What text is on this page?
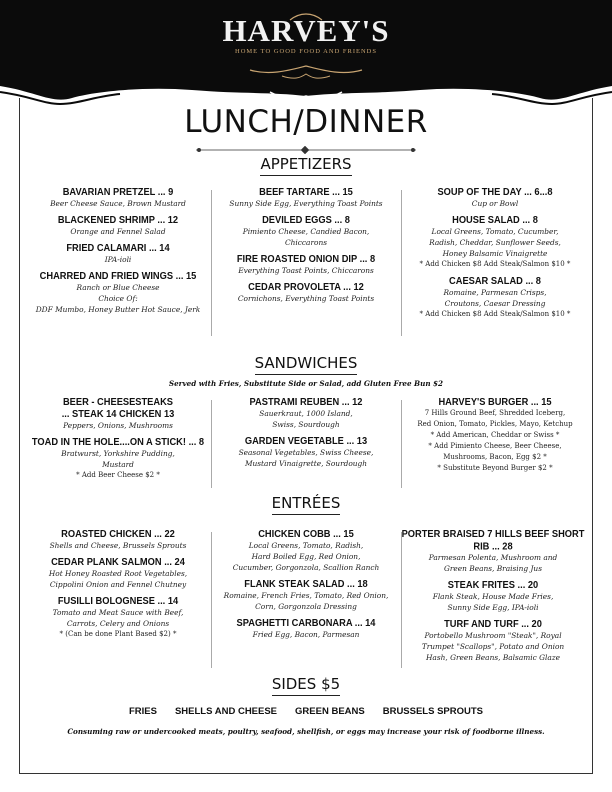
HARVEY'S
HOME TO GOOD FOOD AND FRIENDS
LUNCH/DINNER
APPETIZERS
BAVARIAN PRETZEL ... 9
Beer Cheese Sauce, Brown Mustard
BLACKENED SHRIMP ... 12
Orange and Fennel Salad
FRIED CALAMARI ... 14
IPA-ioli
CHARRED AND FRIED WINGS ... 15
Ranch or Blue Cheese
Choice Of:
DDF Mumbo, Honey Butter Hot Sauce, Jerk
BEEF TARTARE ... 15
Sunny Side Egg, Everything Toast Points
DEVILED EGGS ... 8
Pimiento Cheese, Candied Bacon,
Chiccarons
FIRE ROASTED ONION DIP ... 8
Everything Toast Points, Chiccarons
CEDAR PROVOLETA ... 12
Cornichons, Everything Toast Points
SOUP OF THE DAY ... 6...8
Cup or Bowl
HOUSE SALAD ... 8
Local Greens, Tomato, Cucumber,
Radish, Cheddar, Sunflower Seeds,
Honey Balsamic Vinaigrette
* Add Chicken $8 Add Steak/Salmon $10 *
CAESAR SALAD ... 8
Romaine, Parmesan Crisps,
Croutons, Caesar Dressing
* Add Chicken $8 Add Steak/Salmon $10 *
SANDWICHES
Served with Fries, Substitute Side or Salad, add Gluten Free Bun $2
BEER - CHEESESTEAKS
... STEAK 14 CHICKEN 13
Peppers, Onions, Mushrooms
TOAD IN THE HOLE....ON A STICK! ... 8
Bratwurst, Yorkshire Pudding,
Mustard
* Add Beer Cheese $2 *
PASTRAMI REUBEN ... 12
Sauerkraut, 1000 Island,
Swiss, Sourdough
GARDEN VEGETABLE ... 13
Seasonal Vegetables, Swiss Cheese,
Mustard Vinaigrette, Sourdough
HARVEY'S BURGER ... 15
7 Hills Ground Beef, Shredded Iceberg,
Red Onion, Tomato, Pickles, Mayo, Ketchup
* Add American, Cheddar or Swiss *
* Add Pimiento Cheese, Beer Cheese,
Mushrooms, Bacon, Egg $2 *
* Substitute Beyond Burger $2 *
ENTRÉES
ROASTED CHICKEN ... 22
Shells and Cheese, Brussels Sprouts
CEDAR PLANK SALMON ... 24
Hot Honey Roasted Root Vegetables,
Cippolini Onion and Fennel Chutney
FUSILLI BOLOGNESE ... 14
Tomato and Meat Sauce with Beef,
Carrots, Celery and Onions
* (Can be done Plant Based $2) *
CHICKEN COBB ... 15
Local Greens, Tomato, Radish,
Hard Boiled Egg, Red Onion,
Cucumber, Gorgonzola, Scallion Ranch
FLANK STEAK SALAD ... 18
Romaine, French Fries, Tomato, Red Onion,
Corn, Gorgonzola Dressing
SPAGHETTI CARBONARA ... 14
Fried Egg, Bacon, Parmesan
PORTER BRAISED 7 HILLS BEEF SHORT RIB ... 28
Parmesan Polenta, Mushroom and
Green Beans, Braising Jus
STEAK FRITES ... 20
Flank Steak, House Made Fries,
Sunny Side Egg, IPA-ioli
TURF AND TURF ... 20
Portobello Mushroom "Steak", Royal
Trumpet "Scallops", Potato and Onion
Hash, Green Beans, Balsamic Glaze
SIDES $5
FRIES SHELLS AND CHEESE GREEN BEANS BRUSSELS SPROUTS
Consuming raw or undercooked meats, poultry, seafood, shellfish, or eggs may increase your risk of foodborne illness.
